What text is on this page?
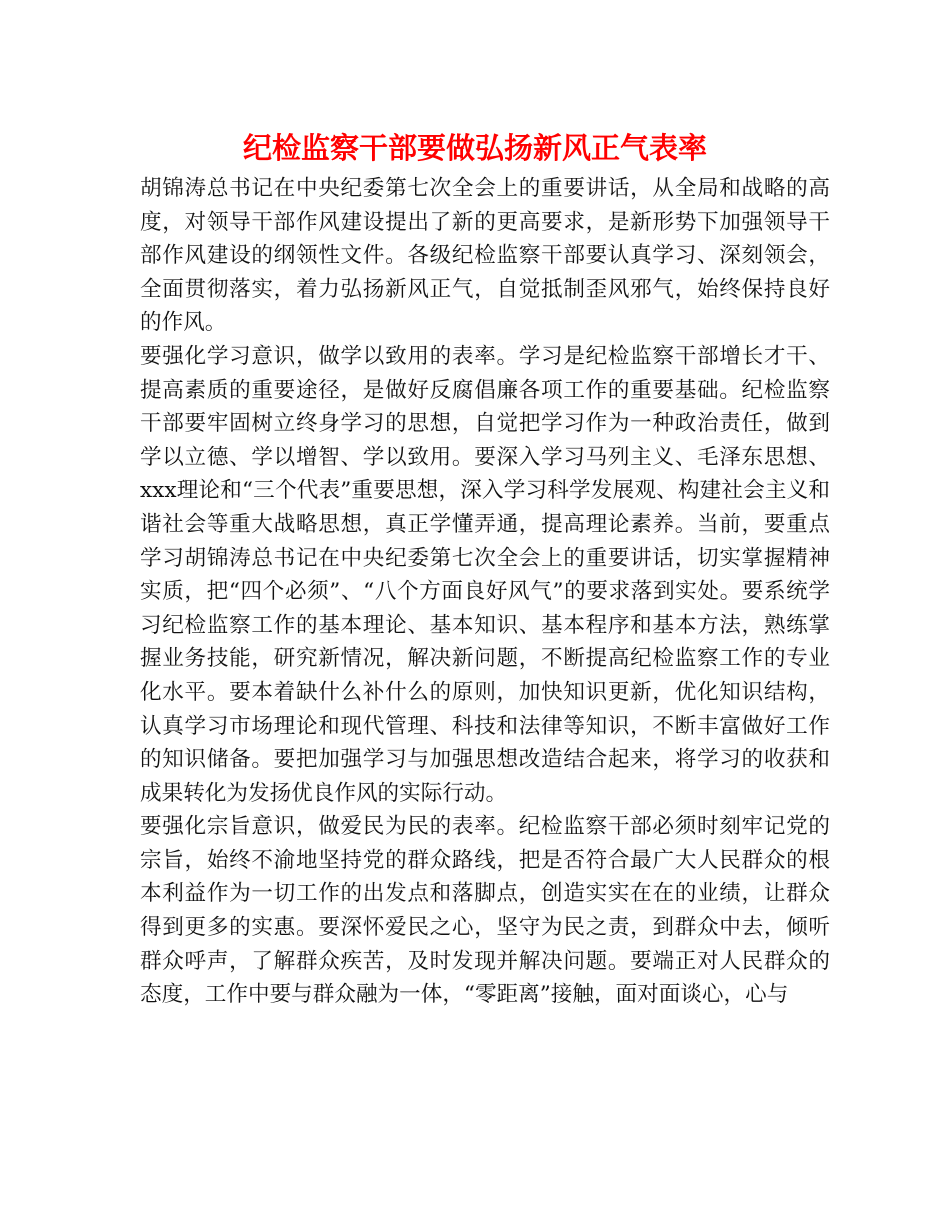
纪检监察干部要做弘扬新风正气表率

胡锦涛总书记在中央纪委第七次全会上的重要讲话，从全局和战略的高度，对领导干部作风建设提出了新的更高要求，是新形势下加强领导干部作风建设的纲领性文件。各级纪检监察干部要认真学习、深刻领会，全面贯彻落实，着力弘扬新风正气，自觉抵制歪风邪气，始终保持良好的作风。

要强化学习意识，做学以致用的表率。学习是纪检监察干部增长才干、提高素质的重要途径，是做好反腐倡廉各项工作的重要基础。纪检监察干部要牢固树立终身学习的思想，自觉把学习作为一种政治责任，做到学以立德、学以增智、学以致用。要深入学习马列主义、毛泽东思想、xxx理论和“三个代表”重要思想，深入学习科学发展观、构建社会主义和谐社会等重大战略思想，真正学懂弄通，提高理论素养。当前，要重点学习胡锦涛总书记在中央纪委第七次全会上的重要讲话，切实掌握精神实质，把“四个必须”、“八个方面良好风气”的要求落到实处。要系统学习纪检监察工作的基本理论、基本知识、基本程序和基本方法，熟练掌握业务技能，研究新情况，解决新问题，不断提高纪检监察工作的专业化水平。要本着缺什么补什么的原则，加快知识更新，优化知识结构，认真学习市场理论和现代管理、科技和法律等知识，不断丰富做好工作的知识储备。要把加强学习与加强思想改造结合起来，将学习的收获和成果转化为发扬优良作风的实际行动。

要强化宗旨意识，做爱民为民的表率。纪检监察干部必须时刻牢记党的宗旨，始终不渝地坚持党的群众路线，把是否符合最广大人民群众的根本利益作为一切工作的出发点和落脚点，创造实实在在的业绩，让群众得到更多的实惠。要深怀爱民之心，坚守为民之责，到群众中去，倾听群众呼声，了解群众疾苦，及时发现并解决问题。要端正对人民群众的态度，工作中要与群众融为一体，“零距离”接触，面对面谈心，心与
